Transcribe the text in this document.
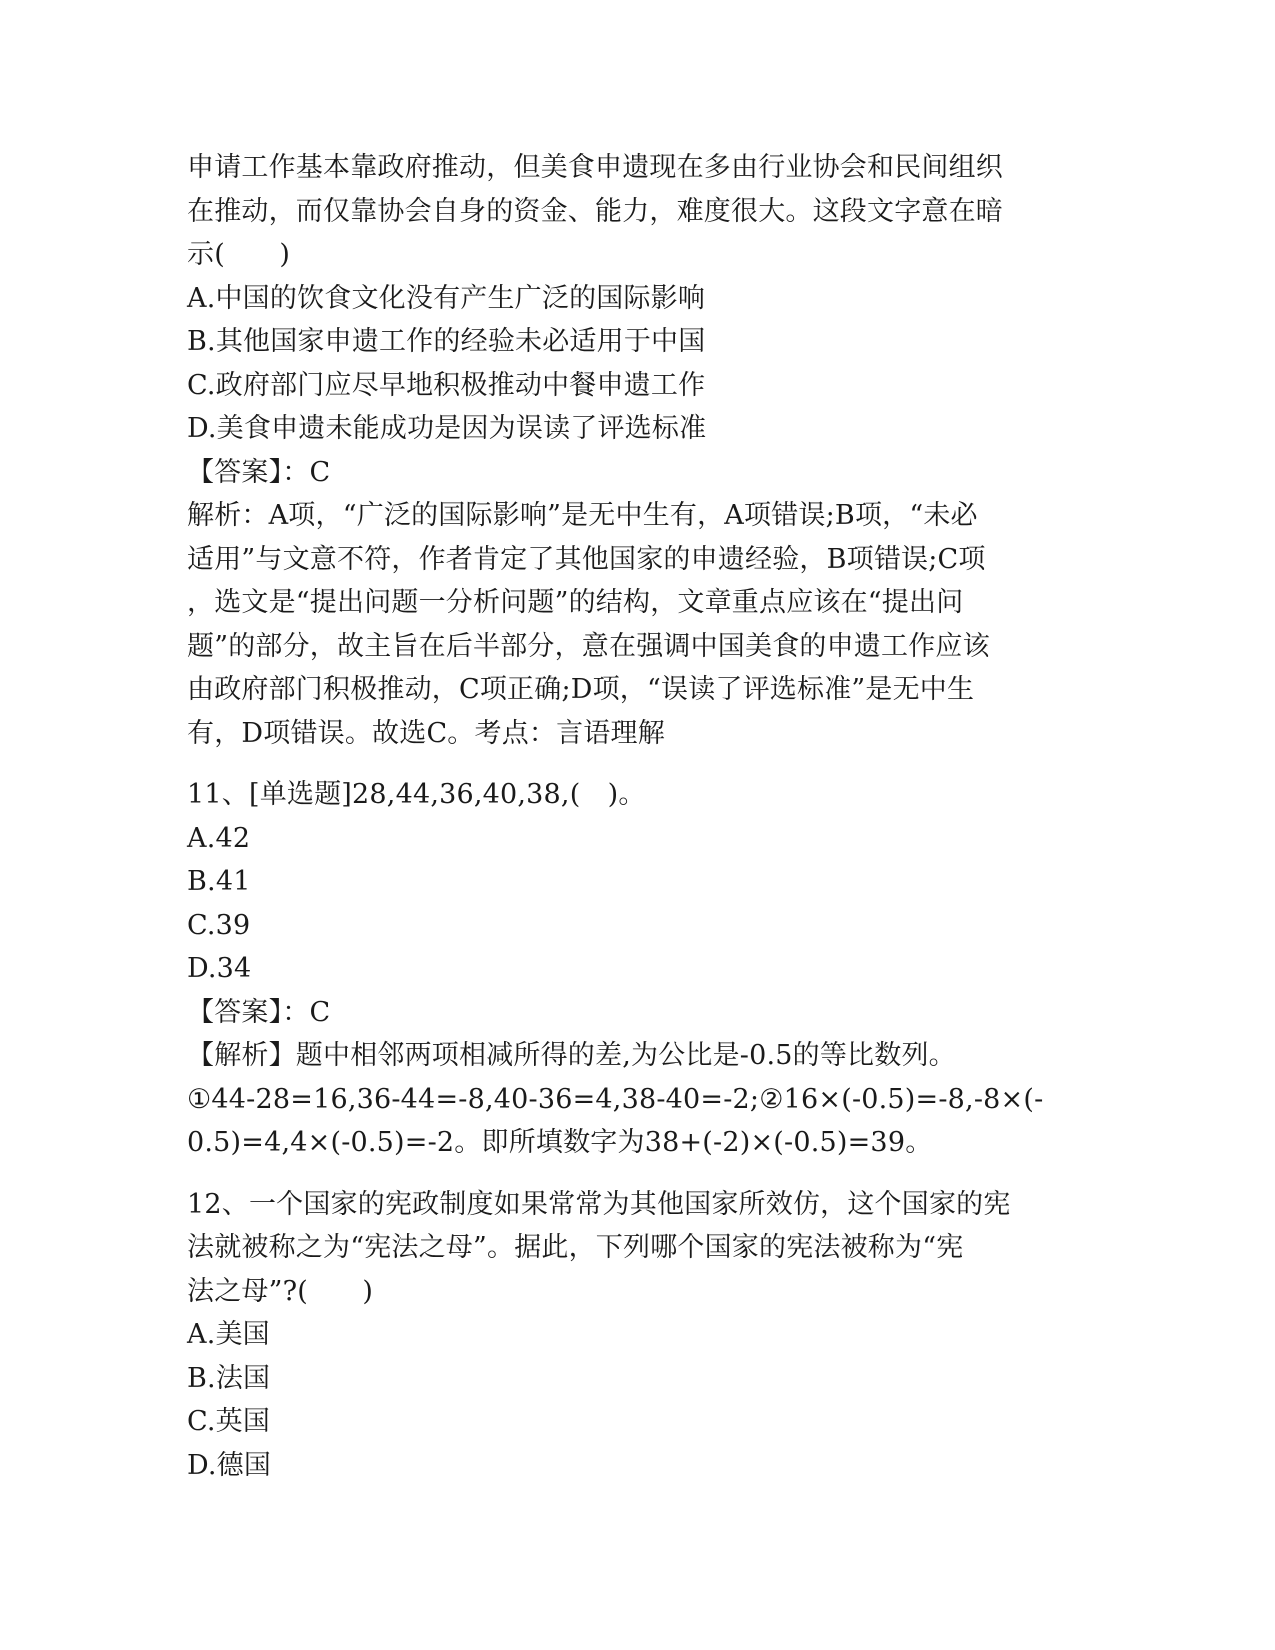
申请工作基本靠政府推动，但美食申遗现在多由行业协会和民间组织
在推动，而仅靠协会自身的资金、能力，难度很大。这段文字意在暗
示(　　)
A.中国的饮食文化没有产生广泛的国际影响
B.其他国家申遗工作的经验未必适用于中国
C.政府部门应尽早地积极推动中餐申遗工作
D.美食申遗未能成功是因为误读了评选标准
【答案】：C
解析：A项，“广泛的国际影响”是无中生有，A项错误;B项，“未必
适用”与文意不符，作者肯定了其他国家的申遗经验，B项错误;C项
，选文是“提出问题一分析问题”的结构，文章重点应该在“提出问
题”的部分，故主旨在后半部分，意在强调中国美食的申遗工作应该
由政府部门积极推动，C项正确;D项，“误读了评选标准”是无中生
有，D项错误。故选C。考点：言语理解
11、[单选题]28,44,36,40,38,(　)。
A.42
B.41
C.39
D.34
【答案】：C
【解析】题中相邻两项相减所得的差,为公比是-0.5的等比数列。
①44-28=16,36-44=-8,40-36=4,38-40=-2;②16×(-0.5)=-8,-8×(-
0.5)=4,4×(-0.5)=-2。即所填数字为38+(-2)×(-0.5)=39。
12、一个国家的宪政制度如果常常为其他国家所效仿，这个国家的宪
法就被称之为“宪法之母”。据此，下列哪个国家的宪法被称为“宪
法之母”?(　　)
A.美国
B.法国
C.英国
D.德国
